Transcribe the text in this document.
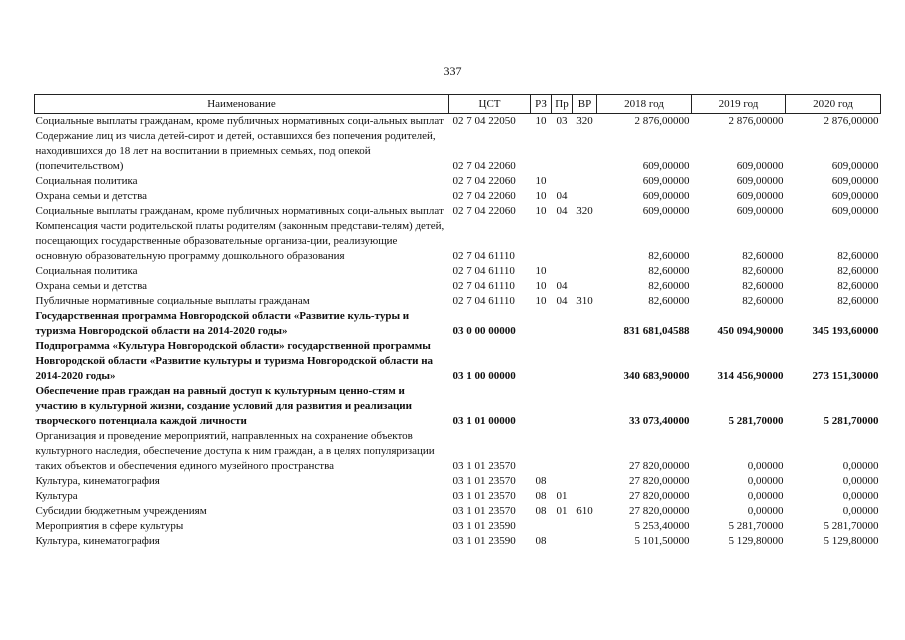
337
Наименование	ЦСТ	РЗ	Пр	ВР	2018 год	2019 год	2020 год
Социальные выплаты гражданам, кроме публичных нормативных соци-альных выплат	02 7 04 22050	10	03	320	2 876,00000	2 876,00000	2 876,00000
Содержание лиц из числа детей-сирот и детей, оставшихся без попечения родителей, находившихся до 18 лет на воспитании в приемных семьях, под опекой (попечительством)	02 7 04 22060				609,00000	609,00000	609,00000
Социальная политика	02 7 04 22060	10			609,00000	609,00000	609,00000
Охрана семьи и детства	02 7 04 22060	10	04		609,00000	609,00000	609,00000
Социальные выплаты гражданам, кроме публичных нормативных соци-альных выплат	02 7 04 22060	10	04	320	609,00000	609,00000	609,00000
Компенсация части родительской платы родителям (законным представи-телям) детей, посещающих государственные образовательные организа-ции, реализующие основную образовательную программу дошкольного образования	02 7 04 61110				82,60000	82,60000	82,60000
Социальная политика	02 7 04 61110	10			82,60000	82,60000	82,60000
Охрана семьи и детства	02 7 04 61110	10	04		82,60000	82,60000	82,60000
Публичные нормативные социальные выплаты гражданам	02 7 04 61110	10	04	310	82,60000	82,60000	82,60000
Государственная программа Новгородской области «Развитие куль-туры и туризма Новгородской области на 2014-2020 годы»	03 0 00 00000				831 681,04588	450 094,90000	345 193,60000
Подпрограмма «Культура Новгородской области» государственной программы Новгородской области «Развитие культуры и туризма Новгородской области на 2014-2020 годы»	03 1 00 00000				340 683,90000	314 456,90000	273 151,30000
Обеспечение прав граждан на равный доступ к культурным ценно-стям и участию в культурной жизни, создание условий для развития и реализации творческого потенциала каждой личности	03 1 01 00000				33 073,40000	5 281,70000	5 281,70000
Организация и проведение мероприятий, направленных на сохранение объектов культурного наследия, обеспечение доступа к ним граждан, а в целях популяризации таких объектов и обеспечения единого музейного пространства	03 1 01 23570				27 820,00000	0,00000	0,00000
Культура, кинематография	03 1 01 23570	08			27 820,00000	0,00000	0,00000
Культура	03 1 01 23570	08	01		27 820,00000	0,00000	0,00000
Субсидии бюджетным учреждениям	03 1 01 23570	08	01	610	27 820,00000	0,00000	0,00000
Мероприятия в сфере культуры	03 1 01 23590				5 253,40000	5 281,70000	5 281,70000
Культура, кинематография	03 1 01 23590	08			5 101,50000	5 129,80000	5 129,80000
